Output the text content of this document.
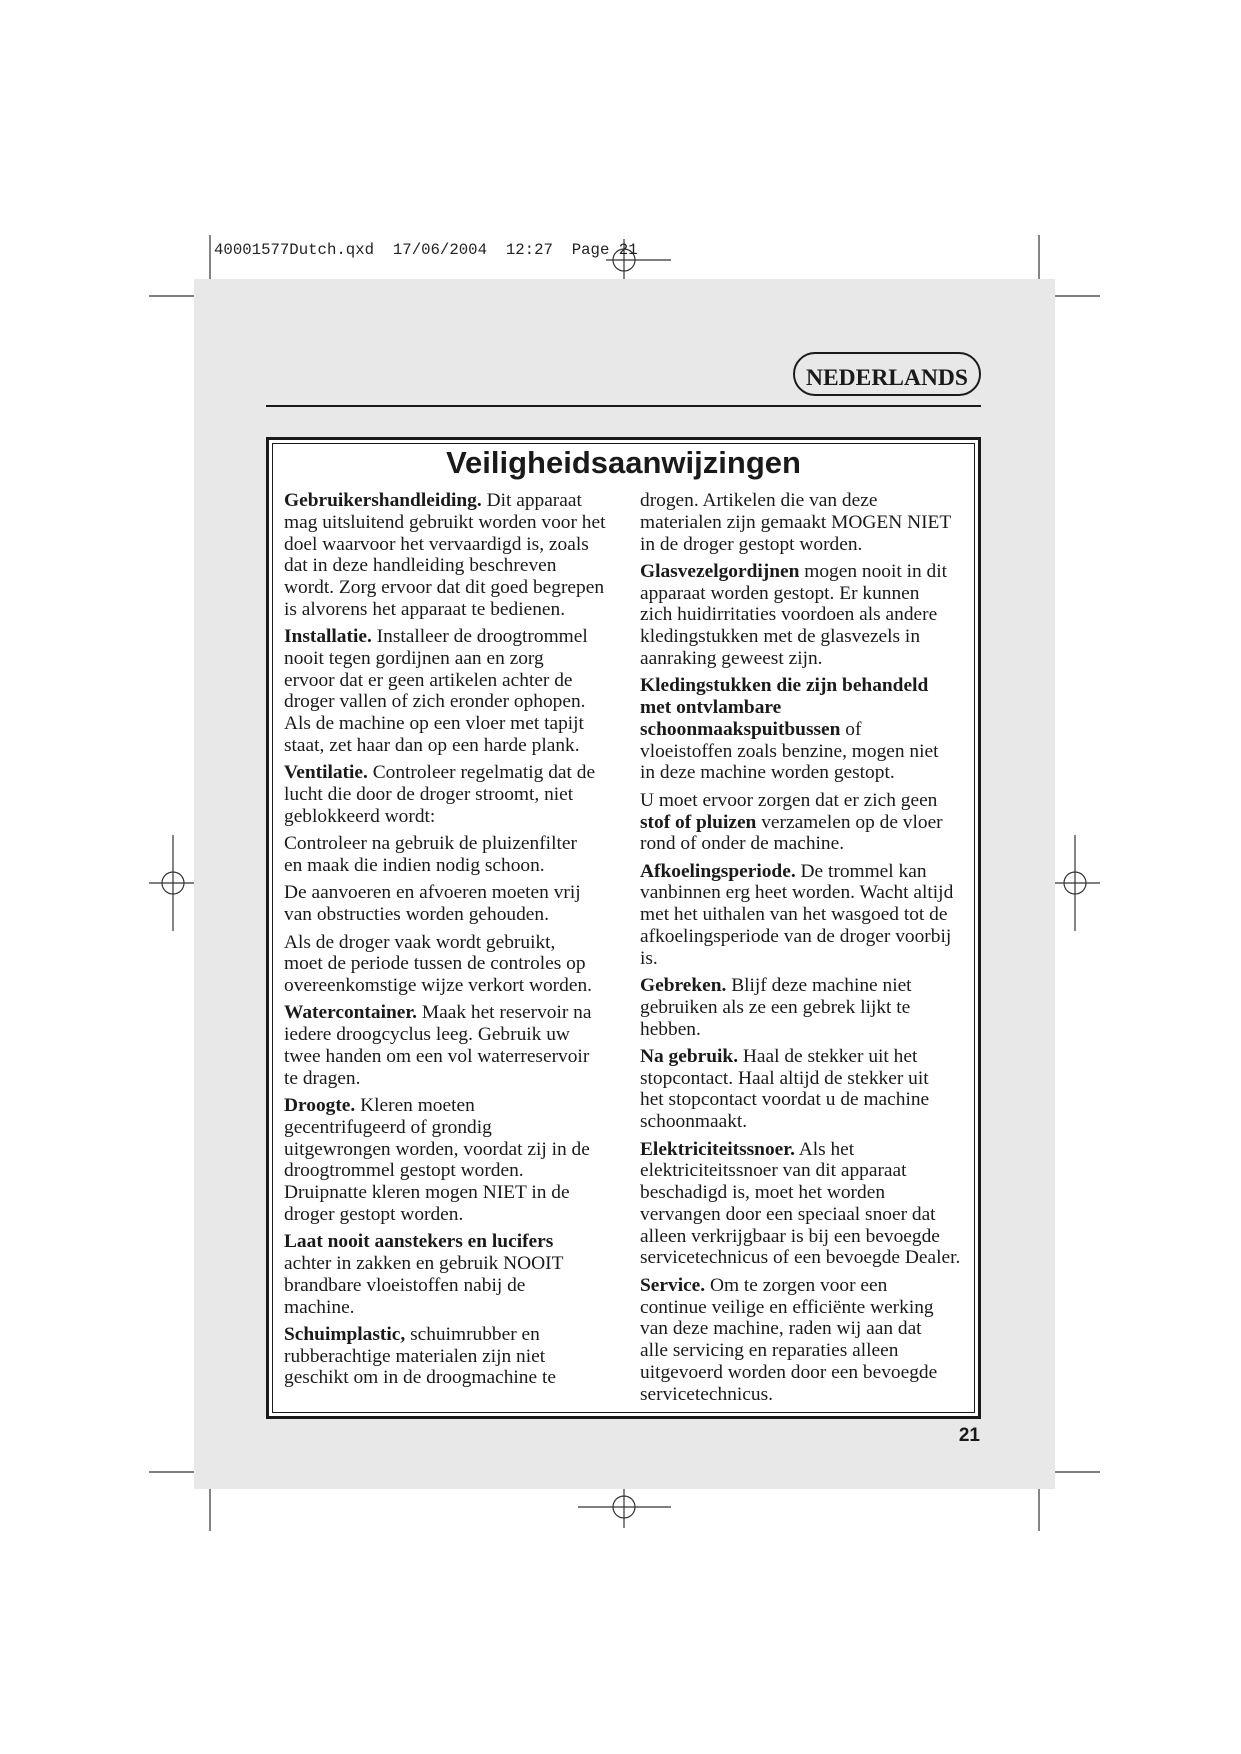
40001577Dutch.qxd  17/06/2004  12:27  Page 21
NEDERLANDS
Veiligheidsaanwijzingen

Gebruikershandleiding. Dit apparaat
mag uitsluitend gebruikt worden voor het
doel waarvoor het vervaardigd is, zoals
dat in deze handleiding beschreven
wordt. Zorg ervoor dat dit goed begrepen
is alvorens het apparaat te bedienen.

Installatie. Installeer de droogtrommel
nooit tegen gordijnen aan en zorg
ervoor dat er geen artikelen achter de
droger vallen of zich eronder ophopen.
Als de machine op een vloer met tapijt
staat, zet haar dan op een harde plank.

Ventilatie. Controleer regelmatig dat de
lucht die door de droger stroomt, niet
geblokkeerd wordt:

Controleer na gebruik de pluizenfilter
en maak die indien nodig schoon.

De aanvoeren en afvoeren moeten vrij
van obstructies worden gehouden.

Als de droger vaak wordt gebruikt,
moet de periode tussen de controles op
overeenkomstige wijze verkort worden.

Watercontainer. Maak het reservoir na
iedere droogcyclus leeg. Gebruik uw
twee handen om een vol waterreservoir
te dragen.

Droogte. Kleren moeten
gecentrifugeerd of grondig
uitgewrongen worden, voordat zij in de
droogtrommel gestopt worden.
Druipnatte kleren mogen NIET in de
droger gestopt worden.

Laat nooit aanstekers en lucifers
achter in zakken en gebruik NOOIT
brandbare vloeistoffen nabij de
machine.

Schuimplastic, schuimrubber en
rubberachtige materialen zijn niet
geschikt om in de droogmachine te

drogen. Artikelen die van deze
materialen zijn gemaakt MOGEN NIET
in de droger gestopt worden.

Glasvezelgordijnen mogen nooit in dit
apparaat worden gestopt. Er kunnen
zich huidirritaties voordoen als andere
kledingstukken met de glasvezels in
aanraking geweest zijn.

Kledingstukken die zijn behandeld
met ontvlambare
schoonmaakspuitbussen of
vloeistoffen zoals benzine, mogen niet
in deze machine worden gestopt.

U moet ervoor zorgen dat er zich geen
stof of pluizen verzamelen op de vloer
rond of onder de machine.

Afkoelingsperiode. De trommel kan
vanbinnen erg heet worden. Wacht altijd
met het uithalen van het wasgoed tot de
afkoelingsperiode van de droger voorbij
is.

Gebreken. Blijf deze machine niet
gebruiken als ze een gebrek lijkt te
hebben.

Na gebruik. Haal de stekker uit het
stopcontact. Haal altijd de stekker uit
het stopcontact voordat u de machine
schoonmaakt.

Elektriciteitssnoer. Als het
elektriciteitssnoer van dit apparaat
beschadigd is, moet het worden
vervangen door een speciaal snoer dat
alleen verkrijgbaar is bij een bevoegde
servicetechnicus of een bevoegde Dealer.

Service. Om te zorgen voor een
continue veilige en efficiënte werking
van deze machine, raden wij aan dat
alle servicing en reparaties alleen
uitgevoerd worden door een bevoegde
servicetechnicus.

21
